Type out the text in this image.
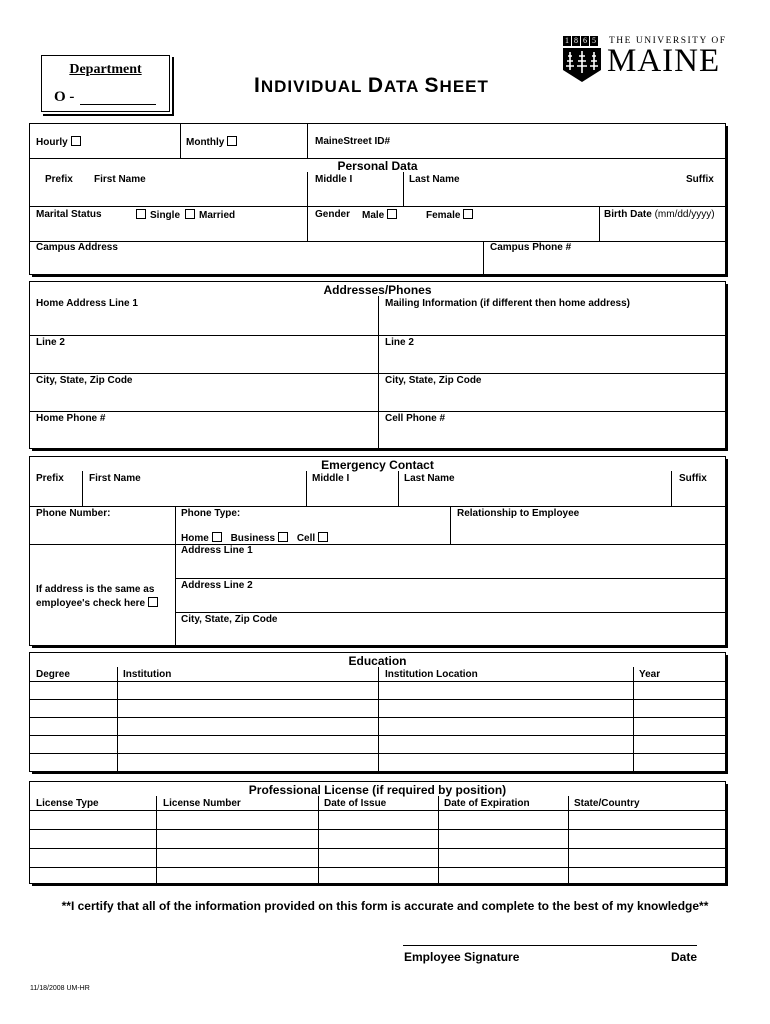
Department
O -	INDIVIDUAL DATA SHEET
1 8 6 5 THE UNIVERSITY OF
MAINE
Hourly	Monthly	MaineStreet ID#
Personal Data
Prefix First Name	Middle I	Last Name	Suffix
Marital Status	Single	Married	Gender Male	Female	Birth Date (mm/dd/yyyy)
Campus Address	Campus Phone #
Addresses/Phones
Home Address Line 1	Mailing Information (if different then home address)
Line 2	Line 2
City, State, Zip Code	City, State, Zip Code
Home Phone #	Cell Phone #
Emergency Contact
Prefix	First Name	Middle I	Last Name	Suffix
Phone Number:	Phone Type:	Relationship to Employee
Home Business Cell
Address Line 1
Address Line 2
City, State, Zip Code
If address is the same as
employee's check here
Education
Degree	Institution	Institution Location	Year
Professional License (if required by position)
License Type	License Number	Date of Issue	Date of Expiration	State/Country
**I certify that all of the information provided on this form is accurate and complete to the best of my knowledge**
Employee Signature	Date
11/18/2008 UM-HR
